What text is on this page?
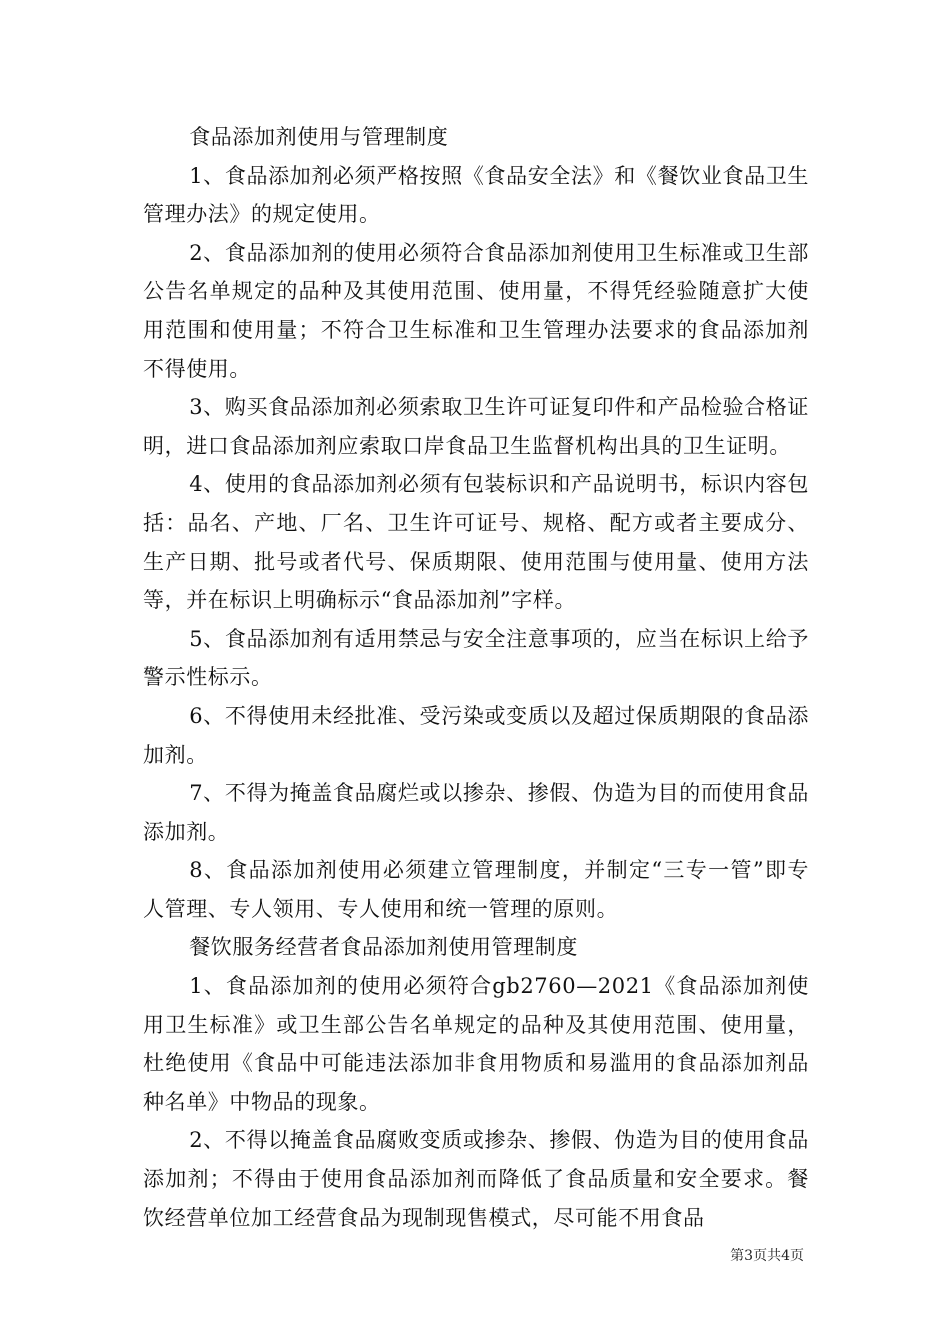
食品添加剂使用与管理制度

1、食品添加剂必须严格按照《食品安全法》和《餐饮业食品卫生管理办法》的规定使用。

2、食品添加剂的使用必须符合食品添加剂使用卫生标准或卫生部公告名单规定的品种及其使用范围、使用量，不得凭经验随意扩大使用范围和使用量；不符合卫生标准和卫生管理办法要求的食品添加剂不得使用。

3、购买食品添加剂必须索取卫生许可证复印件和产品检验合格证明，进口食品添加剂应索取口岸食品卫生监督机构出具的卫生证明。

4、使用的食品添加剂必须有包装标识和产品说明书，标识内容包括：品名、产地、厂名、卫生许可证号、规格、配方或者主要成分、生产日期、批号或者代号、保质期限、使用范围与使用量、使用方法等，并在标识上明确标示“食品添加剂”字样。

5、食品添加剂有适用禁忌与安全注意事项的，应当在标识上给予警示性标示。

6、不得使用未经批准、受污染或变质以及超过保质期限的食品添加剂。

7、不得为掩盖食品腐烂或以掺杂、掺假、伪造为目的而使用食品添加剂。

8、食品添加剂使用必须建立管理制度，并制定“三专一管”即专人管理、专人领用、专人使用和统一管理的原则。

餐饮服务经营者食品添加剂使用管理制度

1、食品添加剂的使用必须符合gb2760—2021《食品添加剂使用卫生标准》或卫生部公告名单规定的品种及其使用范围、使用量，杜绝使用《食品中可能违法添加非食用物质和易滥用的食品添加剂品种名单》中物品的现象。

2、不得以掩盖食品腐败变质或掺杂、掺假、伪造为目的使用食品添加剂；不得由于使用食品添加剂而降低了食品质量和安全要求。餐饮经营单位加工经营食品为现制现售模式，尽可能不用食品

第3页共4页
